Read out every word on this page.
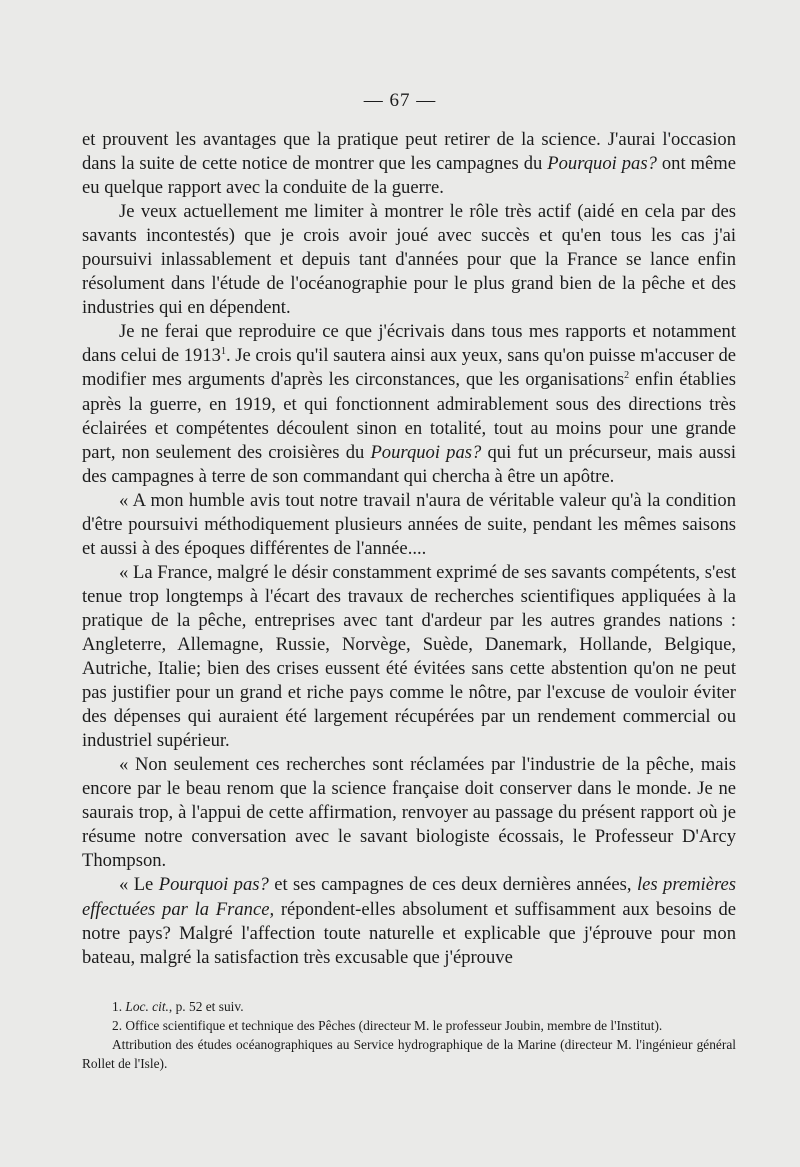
— 67 —

et prouvent les avantages que la pratique peut retirer de la science. J'aurai l'occasion dans la suite de cette notice de montrer que les campagnes du Pourquoi pas? ont même eu quelque rapport avec la conduite de la guerre.

Je veux actuellement me limiter à montrer le rôle très actif (aidé en cela par des savants incontestés) que je crois avoir joué avec succès et qu'en tous les cas j'ai poursuivi inlassablement et depuis tant d'années pour que la France se lance enfin résolument dans l'étude de l'océanographie pour le plus grand bien de la pêche et des industries qui en dépendent.

Je ne ferai que reproduire ce que j'écrivais dans tous mes rapports et notamment dans celui de 1913$^1$. Je crois qu'il sautera ainsi aux yeux, sans qu'on puisse m'accuser de modifier mes arguments d'après les circonstances, que les organisations$^2$ enfin établies après la guerre, en 1919, et qui fonctionnent admirablement sous des directions très éclairées et compétentes découlent sinon en totalité, tout au moins pour une grande part, non seulement des croisières du Pourquoi pas? qui fut un précurseur, mais aussi des campagnes à terre de son commandant qui chercha à être un apôtre.

« A mon humble avis tout notre travail n'aura de véritable valeur qu'à la condition d'être poursuivi méthodiquement plusieurs années de suite, pendant les mêmes saisons et aussi à des époques différentes de l'année....

« La France, malgré le désir constamment exprimé de ses savants compétents, s'est tenue trop longtemps à l'écart des travaux de recherches scientifiques appliquées à la pratique de la pêche, entreprises avec tant d'ardeur par les autres grandes nations : Angleterre, Allemagne, Russie, Norvège, Suède, Danemark, Hollande, Belgique, Autriche, Italie; bien des crises eussent été évitées sans cette abstention qu'on ne peut pas justifier pour un grand et riche pays comme le nôtre, par l'excuse de vouloir éviter des dépenses qui auraient été largement récupérées par un rendement commercial ou industriel supérieur.

« Non seulement ces recherches sont réclamées par l'industrie de la pêche, mais encore par le beau renom que la science française doit conserver dans le monde. Je ne saurais trop, à l'appui de cette affirmation, renvoyer au passage du présent rapport où je résume notre conversation avec le savant biologiste écossais, le Professeur D'Arcy Thompson.

« Le Pourquoi pas? et ses campagnes de ces deux dernières années, les premières effectuées par la France, répondent-elles absolument et suffisamment aux besoins de notre pays? Malgré l'affection toute naturelle et explicable que j'éprouve pour mon bateau, malgré la satisfaction très excusable que j'éprouve

1. Loc. cit., p. 52 et suiv.

2. Office scientifique et technique des Pêches (directeur M. le professeur Joubin, membre de l'Institut).

Attribution des études océanographiques au Service hydrographique de la Marine (directeur M. l'ingénieur général Rollet de l'Isle).
